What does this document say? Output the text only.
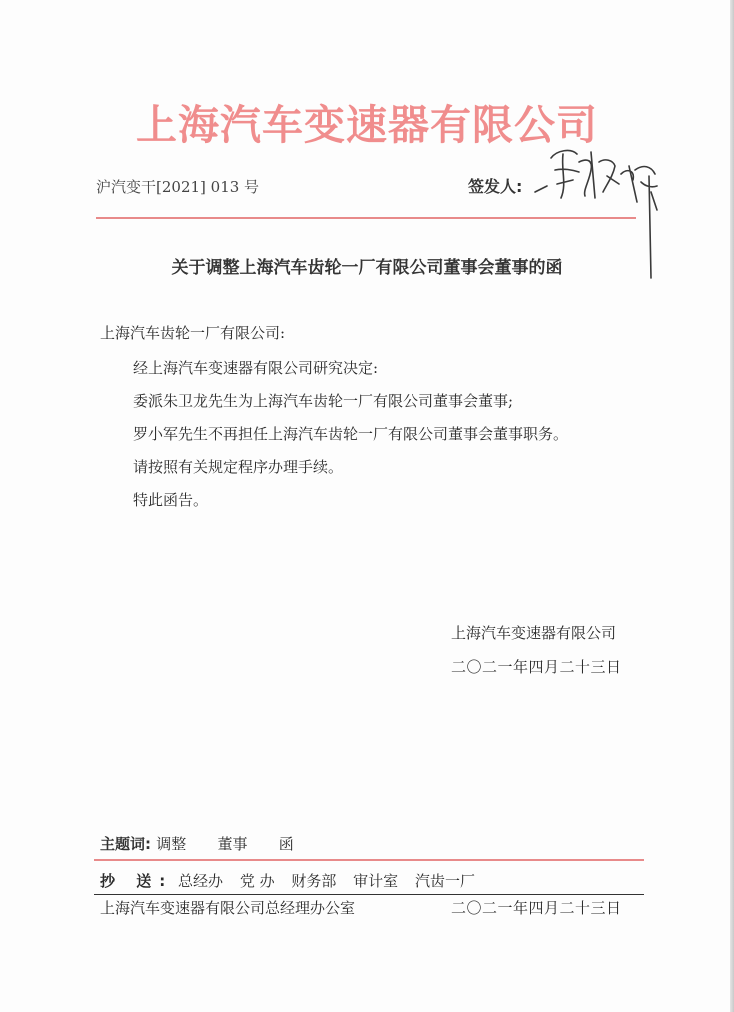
上海汽车变速器有限公司
沪汽变干[2021] 013 号	签发人:
关于调整上海汽车齿轮一厂有限公司董事会董事的函
上海汽车齿轮一厂有限公司:
经上海汽车变速器有限公司研究决定:
委派朱卫龙先生为上海汽车齿轮一厂有限公司董事会董事;
罗小军先生不再担任上海汽车齿轮一厂有限公司董事会董事职务。
请按照有关规定程序办理手续。
特此函告。
上海汽车变速器有限公司
二〇二一年四月二十三日
主题词: 调整 董事 函
抄 送: 总经办 党 办 财务部 审计室 汽齿一厂
上海汽车变速器有限公司总经理办公室	二〇二一年四月二十三日
